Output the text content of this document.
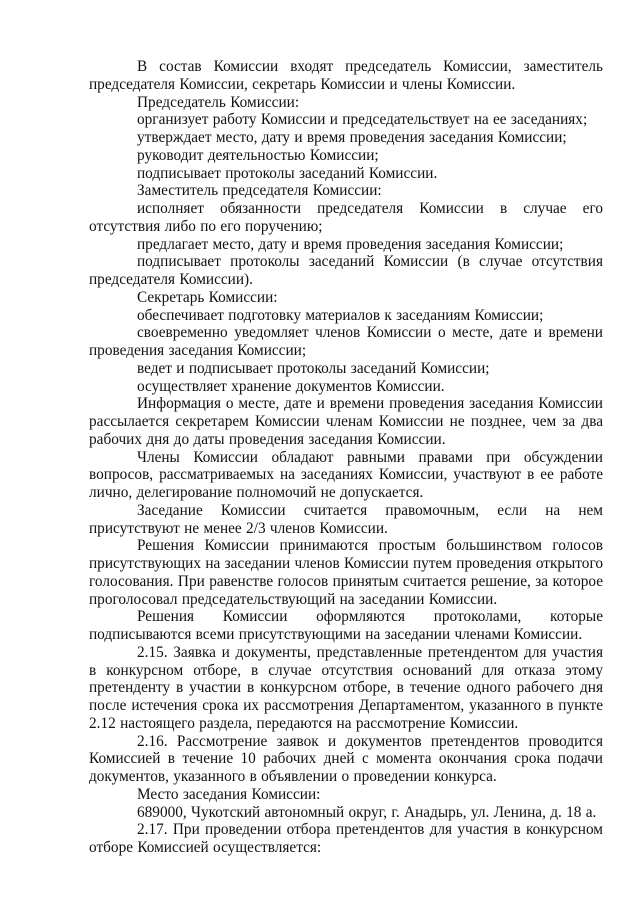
В состав Комиссии входят председатель Комиссии, заместитель председателя Комиссии, секретарь Комиссии и члены Комиссии.

Председатель Комиссии:

организует работу Комиссии и председательствует на ее заседаниях;

утверждает место, дату и время проведения заседания Комиссии;

руководит деятельностью Комиссии;

подписывает протоколы заседаний Комиссии.

Заместитель председателя Комиссии:

исполняет обязанности председателя Комиссии в случае его отсутствия либо по его поручению;

предлагает место, дату и время проведения заседания Комиссии;

подписывает протоколы заседаний Комиссии (в случае отсутствия председателя Комиссии).

Секретарь Комиссии:

обеспечивает подготовку материалов к заседаниям Комиссии;

своевременно уведомляет членов Комиссии о месте, дате и времени проведения заседания Комиссии;

ведет и подписывает протоколы заседаний Комиссии;

осуществляет хранение документов Комиссии.

Информация о месте, дате и времени проведения заседания Комиссии рассылается секретарем Комиссии членам Комиссии не позднее, чем за два рабочих дня до даты проведения заседания Комиссии.

Члены Комиссии обладают равными правами при обсуждении вопросов, рассматриваемых на заседаниях Комиссии, участвуют в ее работе лично, делегирование полномочий не допускается.

Заседание Комиссии считается правомочным, если на нем присутствуют не менее 2/3 членов Комиссии.

Решения Комиссии принимаются простым большинством голосов присутствующих на заседании членов Комиссии путем проведения открытого голосования. При равенстве голосов принятым считается решение, за которое проголосовал председательствующий на заседании Комиссии.

Решения Комиссии оформляются протоколами, которые подписываются всеми присутствующими на заседании членами Комиссии.

2.15. Заявка и документы, представленные претендентом для участия в конкурсном отборе, в случае отсутствия оснований для отказа этому претенденту в участии в конкурсном отборе, в течение одного рабочего дня после истечения срока их рассмотрения Департаментом, указанного в пункте 2.12 настоящего раздела, передаются на рассмотрение Комиссии.

2.16. Рассмотрение заявок и документов претендентов проводится Комиссией в течение 10 рабочих дней с момента окончания срока подачи документов, указанного в объявлении о проведении конкурса.

Место заседания Комиссии:

689000, Чукотский автономный округ, г. Анадырь, ул. Ленина, д. 18 а.

2.17. При проведении отбора претендентов для участия в конкурсном отборе Комиссией осуществляется:
